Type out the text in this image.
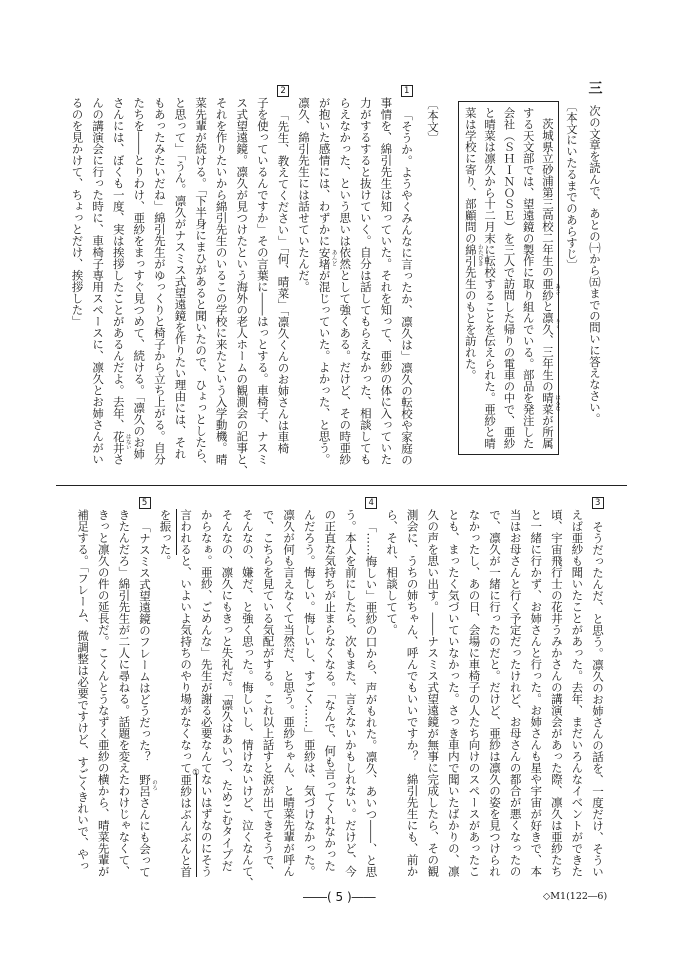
三
次の文章を読んで、あとの㈠から㈤までの問いに答えなさい。
〔本文にいたるまでのあらすじ〕
茨城県立砂浦第三高校二年生の亜紗 あさ
と凛久 りく
、三年生の晴菜 はるな
が所属
する天文部では、望遠鏡の製作に取り組んでいる。部品を発注した
会社（ＳＨＩＮＯＳＥ）を三人で訪問した帰りの電車の中で、亜紗
と晴菜は凛久から十二月末に転校することを伝えられた。亜紗と晴
菜は学校に寄り、部顧問の綿引 わたびき
先生のもとを訪れた。
〔本文〕
1
「そうか。ようやくみんなに言ったか、凛久は」凛久の転校や家庭の
事情を、綿引先生は知っていた。それを知って、亜紗の体に入っていた
力がするすると抜けていく。自分は話してもらえなかった、相談しても
らえなかった、という思いは依然として強くある。だけど、その時亜紗
が抱いた感情には、わずかに安堵 あんど
が混じっていた。よかった、と思う。
凛久、綿引先生には話せていたんだ。
2
「先生、教えてください」「何、晴菜」「凛久くんのお姉さんは車椅
子を使っているんですか」その言葉に――はっとする。車椅子、ナスミ
ス式望遠鏡。凛久が見つけたという海外の老人ホームの観測会の記事と、
それを作りたいから綿引先生のいるこの学校に来たという入学動機。晴
菜先輩が続ける。「下半身にまひがあると聞いたので、ひょっとしたら、
と思って」「うん。凛久がナスミス式望遠鏡を作りたい理由には、それ
もあったみたいだね」綿引先生がゆっくりと椅子から立ち上がる。自分
たちを――とりわけ、亜紗をまっすぐ見つめて、続ける。「凛久のお姉
さんには、ぼくも一度、実は挨拶したことがあるんだよ。去年、花井 はない
さ
んの講演会に行った時に、車椅子専用スペースに、凛久とお姉さんがい
るのを見かけて、ちょっとだけ、挨拶した」
3
そうだったんだ、と思う。凛久のお姉さんの話を、一度だけ、そうい
えば亜紗も聞いたことがあった。去年、まだいろんなイベントができた
頃、宇宙飛行士の花井うみかさんの講演会があった際、凛久は亜紗たち
と一緒に行かず、お姉さんと行った。お姉さんも星や宇宙が好きで、本
当はお母さんと行く予定だったけれど、お母さんの都合が悪くなったの
で、凛久が一緒に行ったのだと。だけど、亜紗は凛久の姿を見つけられ
なかったし、あの日、会場に車椅子の人たち向けのスペースがあったこ
とも、まったく気づいていなかった。さっき車内で聞いたばかりの、凛
久の声を思い出す。――ナスミス式望遠鏡が無事に完成したら、その観
測会に、うちの姉ちゃん、呼んでもいいですか？　綿引先生にも、前か
ら、それ、相談してて。
4
「……悔しい」亜紗の口から、声がもれた。凛久、あいつ――、と思
う。本人を前にしたら、次もまた、言えないかもしれない。だけど、今
の正直な気持ちが止まらなくなる。「なんで、何も言ってくれなかった
んだろう。悔しい。悔しいし、すごく……」亜紗は、気づけなかった。
凛久が何も言えなくて当然だ、と思う。亜紗ちゃん、と晴菜先輩が呼ん
で、こちらを見ている気配がする。これ以上話すと涙が出てきそうで、
そんなの、嫌だ、と強く思った。悔しいし、情けないけど、泣くなんて、
そんなの、凛久にもきっと失礼だ。「凛久はあいつ、ためこむタイプだ
からなぁ。亜紗、ごめんな」先生が謝る必要なんてないはずなのにそう
言われると、いよいよ気持ちのやり場がなくなって ①
亜紗はぶんぶんと首
を振った。
5
「ナスミス式望遠鏡のフレームはどうだった？　野呂 のろ
さんにも会って
きたんだろ」綿引先生が二人に尋ねる。話題を変えたわけじゃなくて、
きっと凛久の件の延長だ。こくんとうなずく亜紗の横から、晴菜先輩が
補足する。「フレーム、微調整は必要ですけど、すごくきれいで、やっ
――( 5 )――	◇M1(122―6)
